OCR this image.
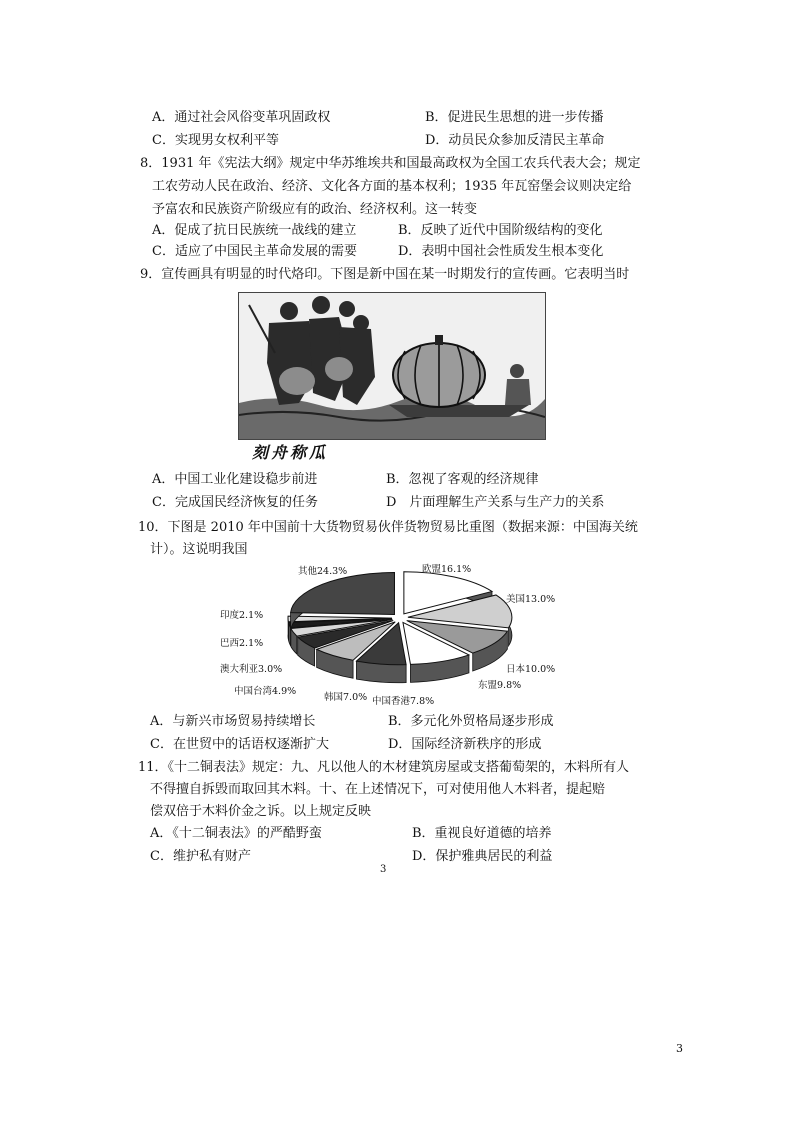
A．通过社会风俗变革巩固政权	B．促进民生思想的进一步传播
C．实现男女权利平等	D．动员民众参加反清民主革命
8．1931 年《宪法大纲》规定中华苏维埃共和国最高政权为全国工农兵代表大会；规定
工农劳动人民在政治、经济、文化各方面的基本权利；1935 年瓦窑堡会议则决定给
予富农和民族资产阶级应有的政治、经济权利。这一转变
A．促成了抗日民族统一战线的建立	B．反映了近代中国阶级结构的变化
C．适应了中国民主革命发展的需要	D．表明中国社会性质发生根本变化
9．宣传画具有明显的时代烙印。下图是新中国在某一时期发行的宣传画。它表明当时
刻舟称瓜
A．中国工业化建设稳步前进	B．忽视了客观的经济规律
C．完成国民经济恢复的任务	D　片面理解生产关系与生产力的关系
10．下图是 2010 年中国前十大货物贸易伙伴货物贸易比重图（数据来源：中国海关统
计）。这说明我国
欧盟16.1%
美国13.0%
日本10.0%
东盟9.8%
中国香港7.8%
韩国7.0%
中国台湾4.9%
澳大利亚3.0%
巴西2.1%
印度2.1%
其他24.3%
A．与新兴市场贸易持续增长	B．多元化外贸格局逐步形成
C．在世贸中的话语权逐渐扩大	D．国际经济新秩序的形成
11．《十二铜表法》规定：九、凡以他人的木材建筑房屋或支搭葡萄架的，木料所有人
不得擅自拆毁而取回其木料。十、在上述情况下，可对使用他人木料者，提起赔
偿双倍于木料价金之诉。以上规定反映
A．《十二铜表法》的严酷野蛮	B．重视良好道德的培养
C．维护私有财产	D．保护雅典居民的利益
3
3
